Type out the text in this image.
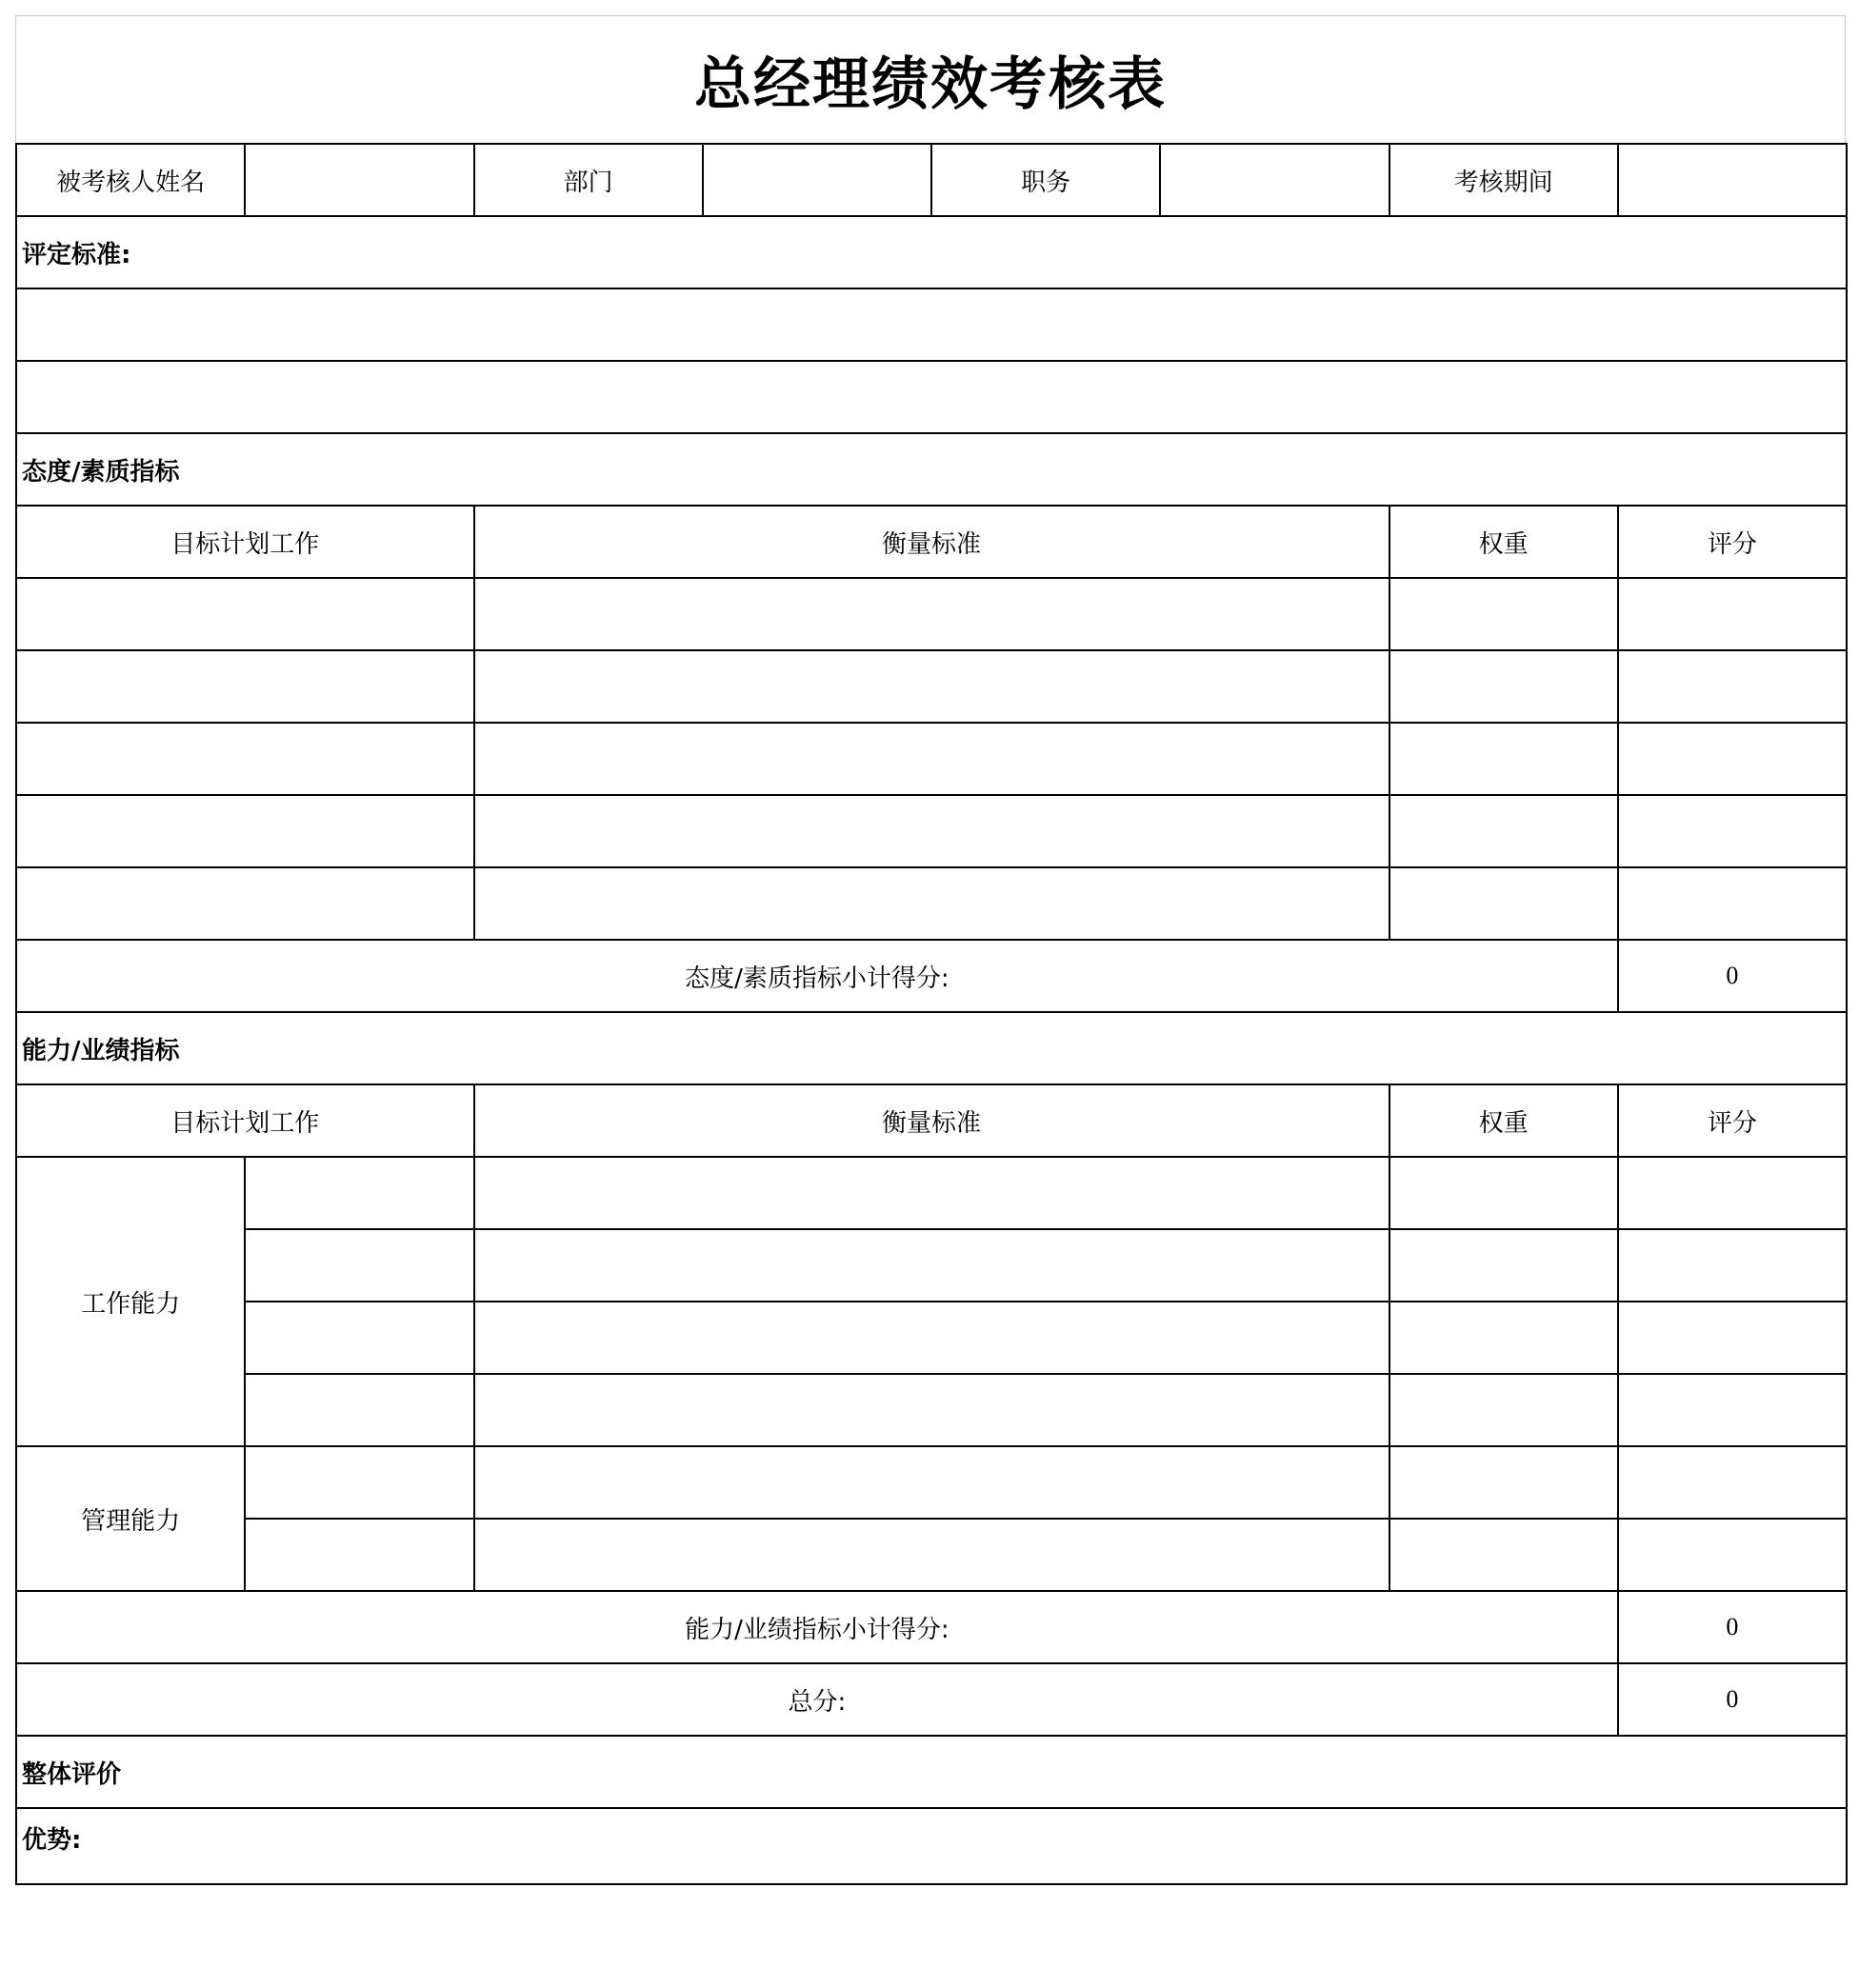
总经理绩效考核表
被考核人姓名		部门		职务		考核期间	
评定标准:							

态度/素质指标							
目标计划工作		衡量标准				权重	评分

态度/素质指标小计得分:							0
能力/业绩指标							
目标计划工作		衡量标准				权重	评分
工作能力							

管理能力							

能力/业绩指标小计得分:							0
总分:							0
整体评价							
优势:							
